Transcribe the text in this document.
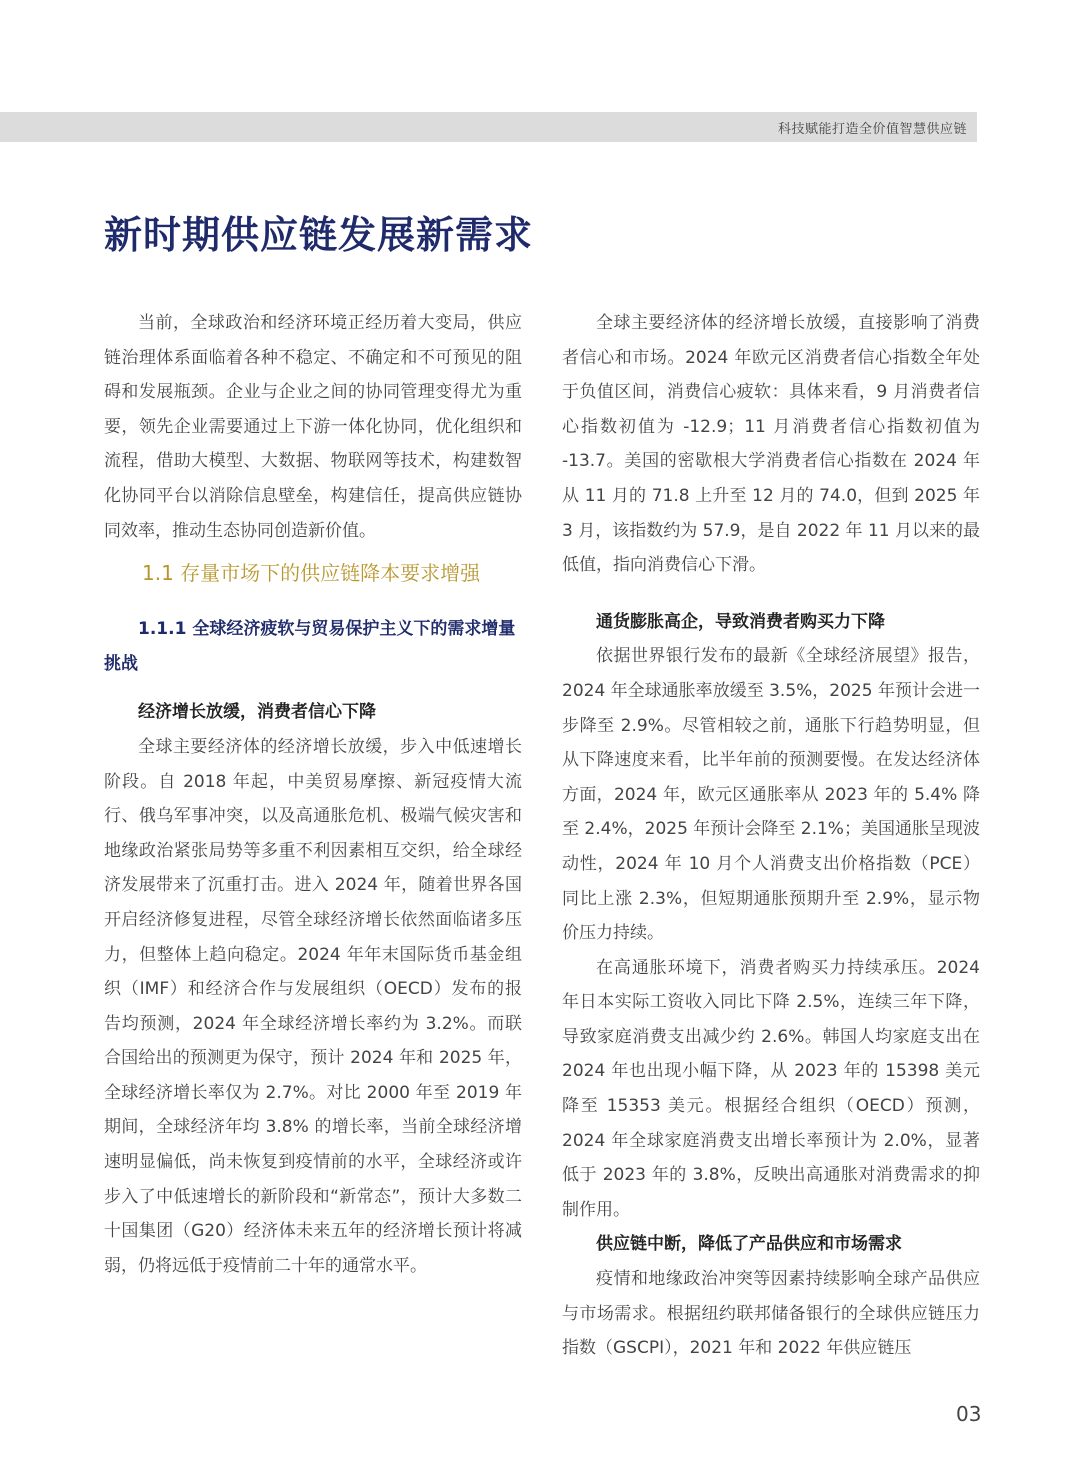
科技赋能打造全价值智慧供应链
新时期供应链发展新需求

当前，全球政治和经济环境正经历着大变局，供应链治理体系面临着各种不稳定、不确定和不可预见的阻碍和发展瓶颈。企业与企业之间的协同管理变得尤为重要，领先企业需要通过上下游一体化协同，优化组织和流程，借助大模型、大数据、物联网等技术，构建数智化协同平台以消除信息壁垒，构建信任，提高供应链协同效率，推动生态协同创造新价值。

1.1 存量市场下的供应链降本要求增强
1.1.1 全球经济疲软与贸易保护主义下的需求增量挑战
经济增长放缓，消费者信心下降

全球主要经济体的经济增长放缓，步入中低速增长阶段。自 2018 年起，中美贸易摩擦、新冠疫情大流行、俄乌军事冲突，以及高通胀危机、极端气候灾害和地缘政治紧张局势等多重不利因素相互交织，给全球经济发展带来了沉重打击。进入 2024 年，随着世界各国开启经济修复进程，尽管全球经济增长依然面临诸多压力，但整体上趋向稳定。2024 年年末国际货币基金组织（IMF）和经济合作与发展组织（OECD）发布的报告均预测，2024 年全球经济增长率约为 3.2%。而联合国给出的预测更为保守，预计 2024 年和 2025 年，全球经济增长率仅为 2.7%。对比 2000 年至 2019 年期间，全球经济年均 3.8% 的增长率，当前全球经济增速明显偏低，尚未恢复到疫情前的水平，全球经济或许步入了中低速增长的新阶段和“新常态”，预计大多数二十国集团（G20）经济体未来五年的经济增长预计将减弱，仍将远低于疫情前二十年的通常水平。

全球主要经济体的经济增长放缓，直接影响了消费者信心和市场。2024 年欧元区消费者信心指数全年处于负值区间，消费信心疲软：具体来看，9 月消费者信心指数初值为 -12.9；11 月消费者信心指数初值为 -13.7。美国的密歇根大学消费者信心指数在 2024 年从 11 月的 71.8 上升至 12 月的 74.0，但到 2025 年 3 月，该指数约为 57.9，是自 2022 年 11 月以来的最低值，指向消费信心下滑。

通货膨胀高企，导致消费者购买力下降

依据世界银行发布的最新《全球经济展望》报告，2024 年全球通胀率放缓至 3.5%，2025 年预计会进一步降至 2.9%。尽管相较之前，通胀下行趋势明显，但从下降速度来看，比半年前的预测要慢。在发达经济体方面，2024 年，欧元区通胀率从 2023 年的 5.4% 降至 2.4%，2025 年预计会降至 2.1%；美国通胀呈现波动性，2024 年 10 月个人消费支出价格指数（PCE）同比上涨 2.3%，但短期通胀预期升至 2.9%，显示物价压力持续。

在高通胀环境下，消费者购买力持续承压。2024 年日本实际工资收入同比下降 2.5%，连续三年下降，导致家庭消费支出减少约 2.6%。韩国人均家庭支出在 2024 年也出现小幅下降，从 2023 年的 15398 美元降至 15353 美元。根据经合组织（OECD）预测，2024 年全球家庭消费支出增长率预计为 2.0%，显著低于 2023 年的 3.8%，反映出高通胀对消费需求的抑制作用。

供应链中断，降低了产品供应和市场需求

疫情和地缘政治冲突等因素持续影响全球产品供应与市场需求。根据纽约联邦储备银行的全球供应链压力指数（GSCPI），2021 年和 2022 年供应链压

03
